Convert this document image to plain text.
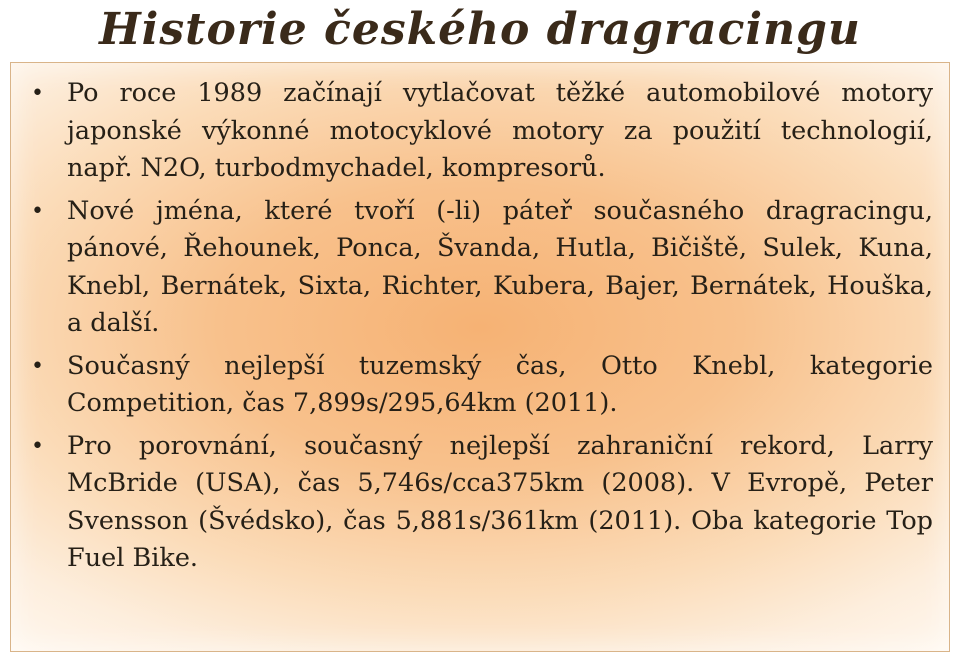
Historie českého dragracingu
• Po roce 1989 začínají vytlačovat těžké automobilové motory japonské výkonné motocyklové motory za použití technologií, např. N2O, turbodmychadel, kompresorů.
• Nové jména, které tvoří (-li) páteř současného dragracingu, pánové, Řehounek, Ponca, Švanda, Hutla, Bičiště, Sulek, Kuna, Knebl, Bernátek, Sixta, Richter, Kubera, Bajer, Bernátek, Houška, a další.
• Současný nejlepší tuzemský čas, Otto Knebl, kategorie Competition, čas 7,899s/295,64km (2011).
• Pro porovnání, současný nejlepší zahraniční rekord, Larry McBride (USA), čas 5,746s/cca375km (2008). V Evropě, Peter Svensson (Švédsko), čas 5,881s/361km (2011). Oba kategorie Top Fuel Bike.
